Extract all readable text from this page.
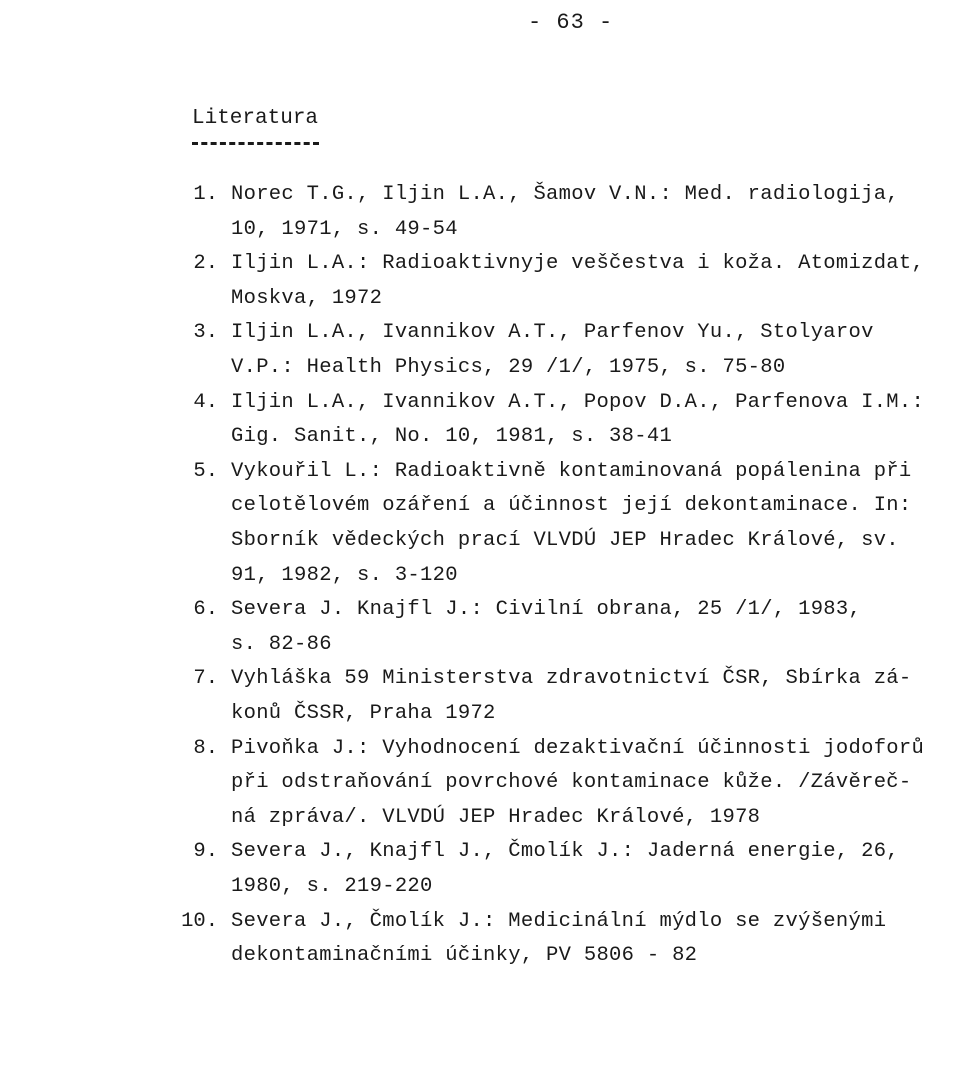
- 63 -
Literatura
1. Norec T.G., Iljin L.A., Šamov V.N.: Med. radiologija,
10, 1971, s. 49-54
2. Iljin L.A.: Radioaktivnyje veščestva i koža. Atomizdat,
Moskva, 1972
3. Iljin L.A., Ivannikov A.T., Parfenov Yu., Stolyarov
V.P.: Health Physics, 29 /1/, 1975, s. 75-80
4. Iljin L.A., Ivannikov A.T., Popov D.A., Parfenova I.M.:
Gig. Sanit., No. 10, 1981, s. 38-41
5. Vykouřil L.: Radioaktivně kontaminovaná popálenina při
celotělovém ozáření a účinnost její dekontaminace. In:
Sborník vědeckých prací VLVDÚ JEP Hradec Králové, sv.
91, 1982, s. 3-120
6. Severa J. Knajfl J.: Civilní obrana, 25 /1/, 1983,
s. 82-86
7. Vyhláška 59 Ministerstva zdravotnictví ČSR, Sbírka zá-
konů ČSSR, Praha 1972
8. Pivoňka J.: Vyhodnocení dezaktivační účinnosti jodoforů
při odstraňování povrchové kontaminace kůže. /Závěreč-
ná zpráva/. VLVDÚ JEP Hradec Králové, 1978
9. Severa J., Knajfl J., Čmolík J.: Jaderná energie, 26,
1980, s. 219-220
10. Severa J., Čmolík J.: Medicinální mýdlo se zvýšenými
dekontaminačními účinky, PV 5806 - 82
